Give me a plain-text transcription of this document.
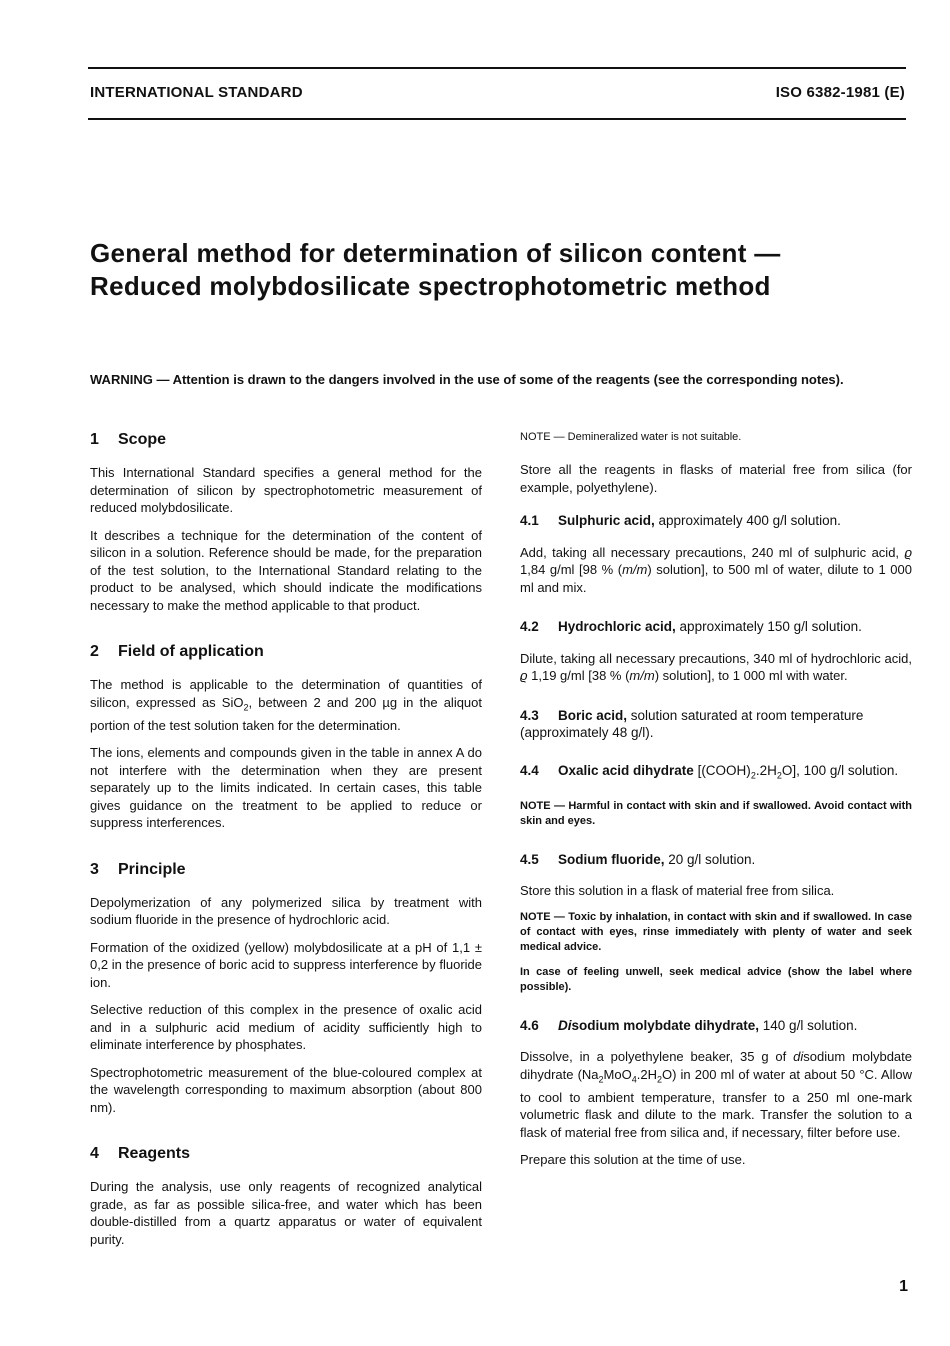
INTERNATIONAL STANDARD	ISO 6382-1981 (E)
General method for determination of silicon content —
Reduced molybdosilicate spectrophotometric method
WARNING — Attention is drawn to the dangers involved in the use of some of the reagents (see the corresponding notes).
1 Scope
This International Standard specifies a general method for the determination of silicon by spectrophotometric measurement of reduced molybdosilicate.
It describes a technique for the determination of the content of silicon in a solution. Reference should be made, for the preparation of the test solution, to the International Standard relating to the product to be analysed, which should indicate the modifications necessary to make the method applicable to that product.
2 Field of application
The method is applicable to the determination of quantities of silicon, expressed as SiO$_2$, between 2 and 200 µg in the aliquot portion of the test solution taken for the determination.
The ions, elements and compounds given in the table in annex A do not interfere with the determination when they are present separately up to the limits indicated. In certain cases, this table gives guidance on the treatment to be applied to reduce or suppress interferences.
3 Principle
Depolymerization of any polymerized silica by treatment with sodium fluoride in the presence of hydrochloric acid.
Formation of the oxidized (yellow) molybdosilicate at a pH of 1,1 ± 0,2 in the presence of boric acid to suppress interference by fluoride ion.
Selective reduction of this complex in the presence of oxalic acid and in a sulphuric acid medium of acidity sufficiently high to eliminate interference by phosphates.
Spectrophotometric measurement of the blue-coloured complex at the wavelength corresponding to maximum absorption (about 800 nm).
4 Reagents
During the analysis, use only reagents of recognized analytical grade, as far as possible silica-free, and water which has been double-distilled from a quartz apparatus or water of equivalent purity.
NOTE — Demineralized water is not suitable.
Store all the reagents in flasks of material free from silica (for example, polyethylene).
4.1 Sulphuric acid, approximately 400 g/l solution.
Add, taking all necessary precautions, 240 ml of sulphuric acid, ϱ 1,84 g/ml [98 % (m/m) solution], to 500 ml of water, dilute to 1 000 ml and mix.
4.2 Hydrochloric acid, approximately 150 g/l solution.
Dilute, taking all necessary precautions, 340 ml of hydrochloric acid, ϱ 1,19 g/ml [38 % (m/m) solution], to 1 000 ml with water.
4.3 Boric acid, solution saturated at room temperature (approximately 48 g/l).
4.4 Oxalic acid dihydrate $[(COOH)_2.2H_2O]$, 100 g/l solution.
NOTE — Harmful in contact with skin and if swallowed. Avoid contact with skin and eyes.
4.5 Sodium fluoride, 20 g/l solution.
Store this solution in a flask of material free from silica.
NOTE — Toxic by inhalation, in contact with skin and if swallowed. In case of contact with eyes, rinse immediately with plenty of water and seek medical advice.
In case of feeling unwell, seek medical advice (show the label where possible).
4.6 Disodium molybdate dihydrate, 140 g/l solution.
Dissolve, in a polyethylene beaker, 35 g of disodium molybdate dihydrate $(Na_2MoO_4.2H_2O)$ in 200 ml of water at about 50 °C. Allow to cool to ambient temperature, transfer to a 250 ml one-mark volumetric flask and dilute to the mark. Transfer the solution to a flask of material free from silica and, if necessary, filter before use.
Prepare this solution at the time of use.
1
